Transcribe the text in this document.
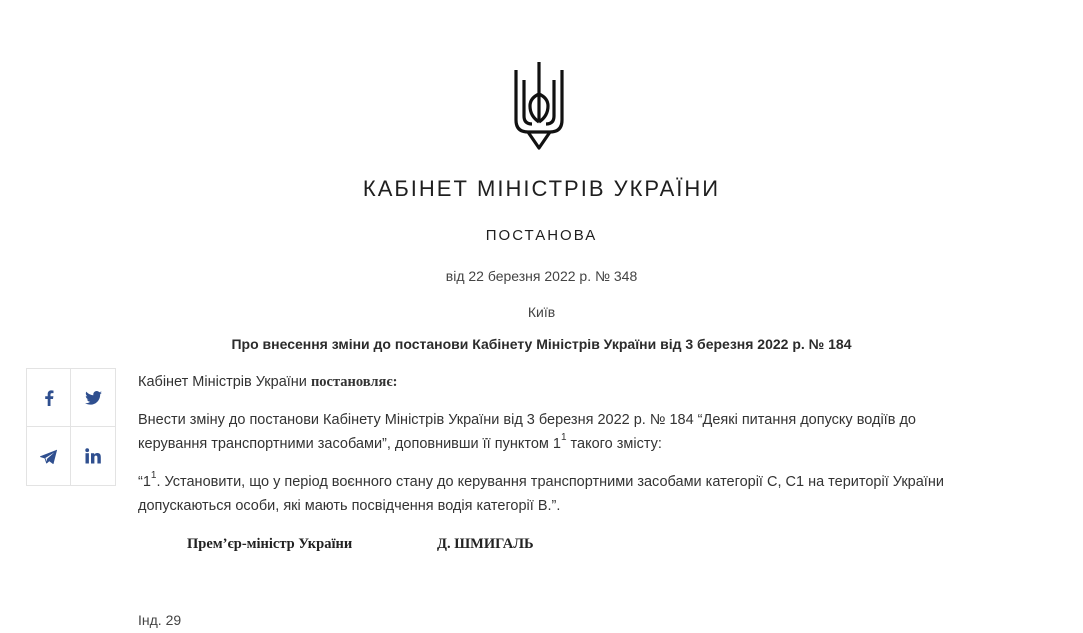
КАБІНЕТ МІНІСТРІВ УКРАЇНИ
ПОСТАНОВА
від 22 березня 2022 р. № 348
Київ
Про внесення зміни до постанови Кабінету Міністрів України від 3 березня 2022 р. № 184
Кабінет Міністрів України постановляє:
Внести зміну до постанови Кабінету Міністрів України від 3 березня 2022 р. № 184 “Деякі питання допуску водіїв до керування транспортними засобами”, доповнивши її пунктом $1^1$ такого змісту:
“$1^1$. Установити, що у період воєнного стану до керування транспортними засобами категорії C, C1 на території України допускаються особи, які мають посвідчення водія категорії B.”.
Прем’єр-міністр України	Д. ШМИГАЛЬ
Інд. 29
